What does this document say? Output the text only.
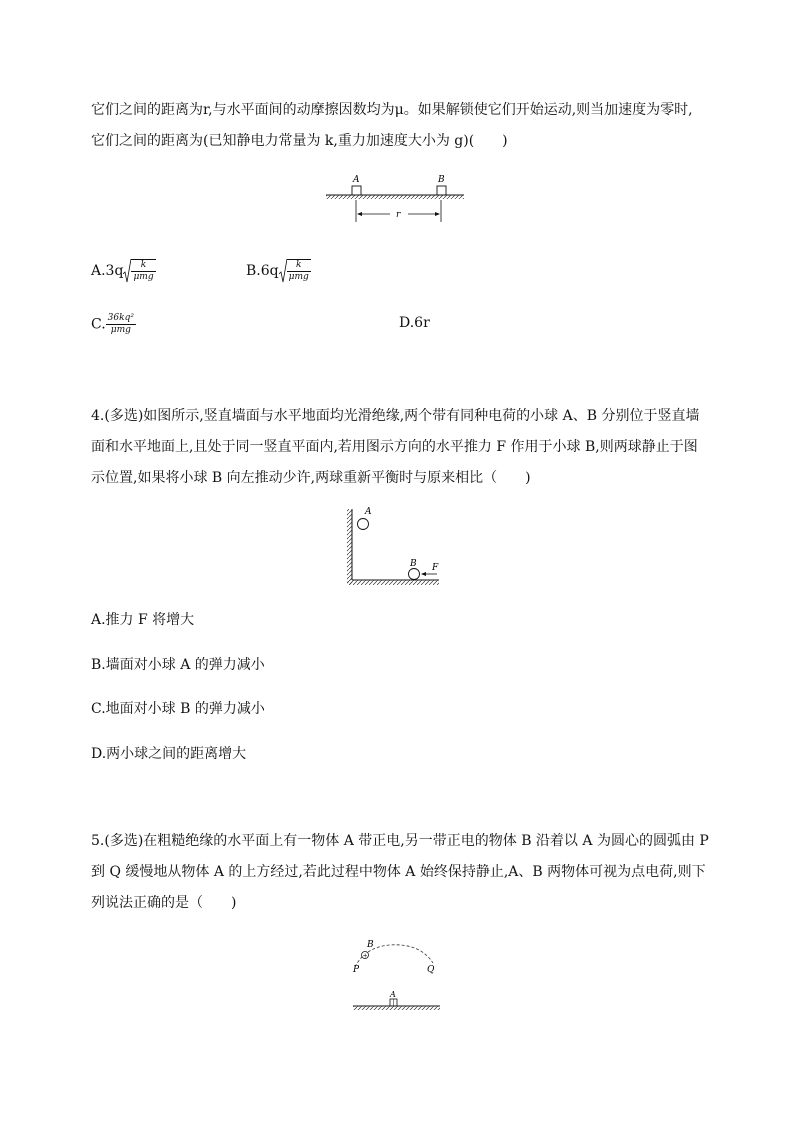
它们之间的距离为r,与水平面间的动摩擦因数均为μ。如果解锁使它们开始运动,则当加速度为零时,
它们之间的距离为(已知静电力常量为 k,重力加速度大小为 g)(　　)
A	B
r
$A.3q \frac{k}{\text{μmg}}$	$B.6q \frac{k}{\text{μmg}}$
C. $\frac{\text{36kq²}}{\text{μmg}}$	D.6r
4.(多选)如图所示,竖直墙面与水平地面均光滑绝缘,两个带有同种电荷的小球 A、B 分别位于竖直墙
面和水平地面上,且处于同一竖直平面内,若用图示方向的水平推力 F 作用于小球 B,则两球静止于图
示位置,如果将小球 B 向左推动少许,两球重新平衡时与原来相比（　　)
A
B F
A.推力 F 将增大
B.墙面对小球 A 的弹力减小
C.地面对小球 B 的弹力减小
D.两小球之间的距离增大
5.(多选)在粗糙绝缘的水平面上有一物体 A 带正电,另一带正电的物体 B 沿着以 A 为圆心的圆弧由 P
到 Q 缓慢地从物体 A 的上方经过,若此过程中物体 A 始终保持静止,A、B 两物体可视为点电荷,则下
列说法正确的是（　　)
+
B
P	Q
A
